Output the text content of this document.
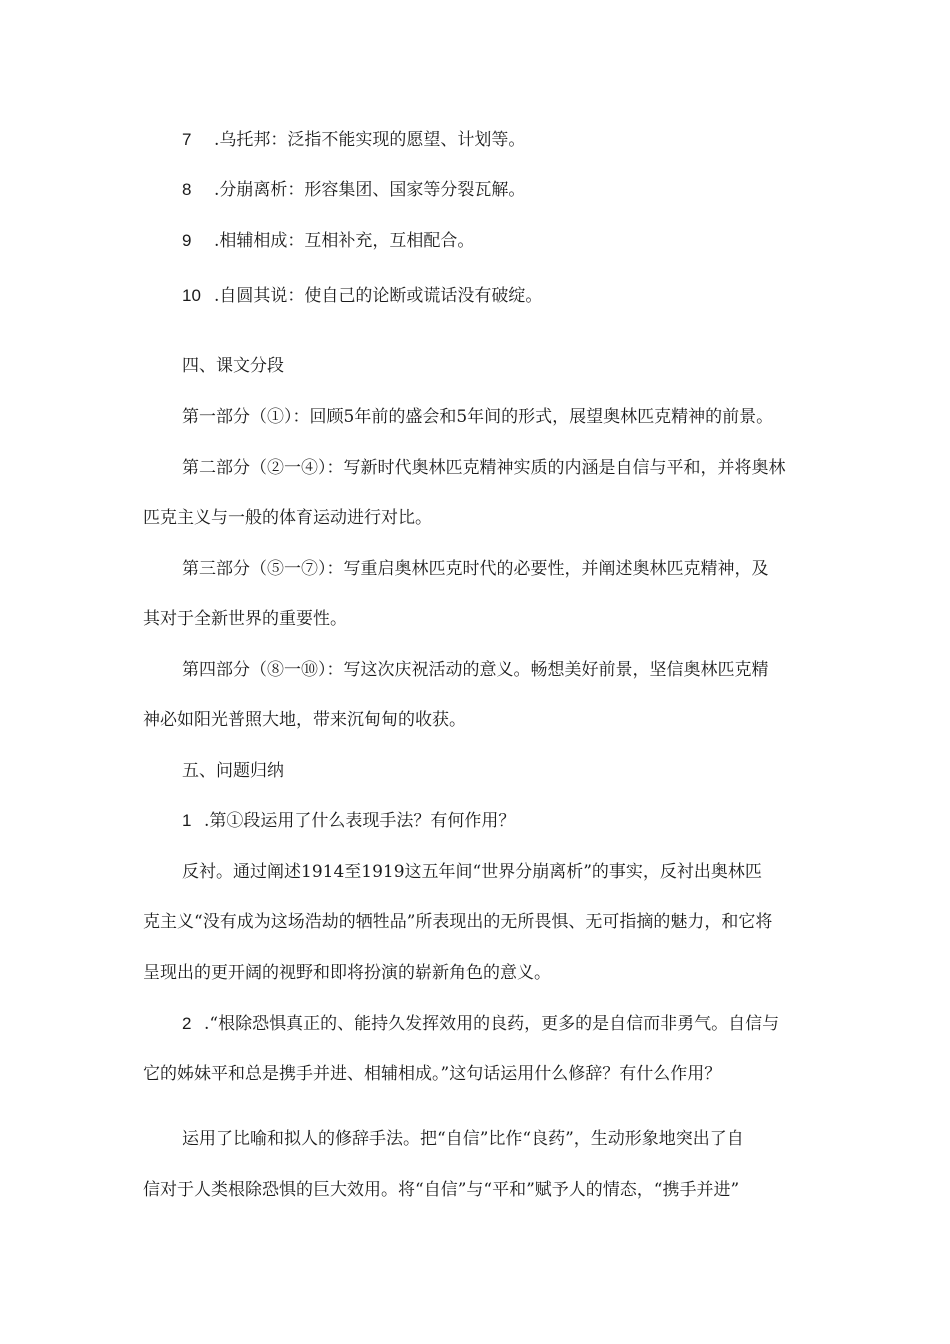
7 .乌托邦：泛指不能实现的愿望、计划等。
8 .分崩离析：形容集团、国家等分裂瓦解。
9 .相辅相成：互相补充，互相配合。
10 .自圆其说：使自己的论断或谎话没有破绽。
四、课文分段
第一部分（①）：回顾5年前的盛会和5年间的形式，展望奥林匹克精神的前景。
第二部分（②一④）：写新时代奥林匹克精神实质的内涵是自信与平和，并将奥林
匹克主义与一般的体育运动进行对比。
第三部分（⑤一⑦）：写重启奥林匹克时代的必要性，并阐述奥林匹克精神，及
其对于全新世界的重要性。
第四部分（⑧一⑩）：写这次庆祝活动的意义。畅想美好前景，坚信奥林匹克精
神必如阳光普照大地，带来沉甸甸的收获。
五、问题归纳
1 .第①段运用了什么表现手法？有何作用？
反衬。通过阐述1914至1919这五年间“世界分崩离析”的事实，反衬出奥林匹
克主义“没有成为这场浩劫的牺牲品”所表现出的无所畏惧、无可指摘的魅力，和它将
呈现出的更开阔的视野和即将扮演的崭新角色的意义。
2 .“根除恐惧真正的、能持久发挥效用的良药，更多的是自信而非勇气。自信与
它的姊妹平和总是携手并进、相辅相成。”这句话运用什么修辞？有什么作用？
运用了比喻和拟人的修辞手法。把“自信”比作“良药”，生动形象地突出了自
信对于人类根除恐惧的巨大效用。将“自信”与“平和”赋予人的情态，“携手并进”
